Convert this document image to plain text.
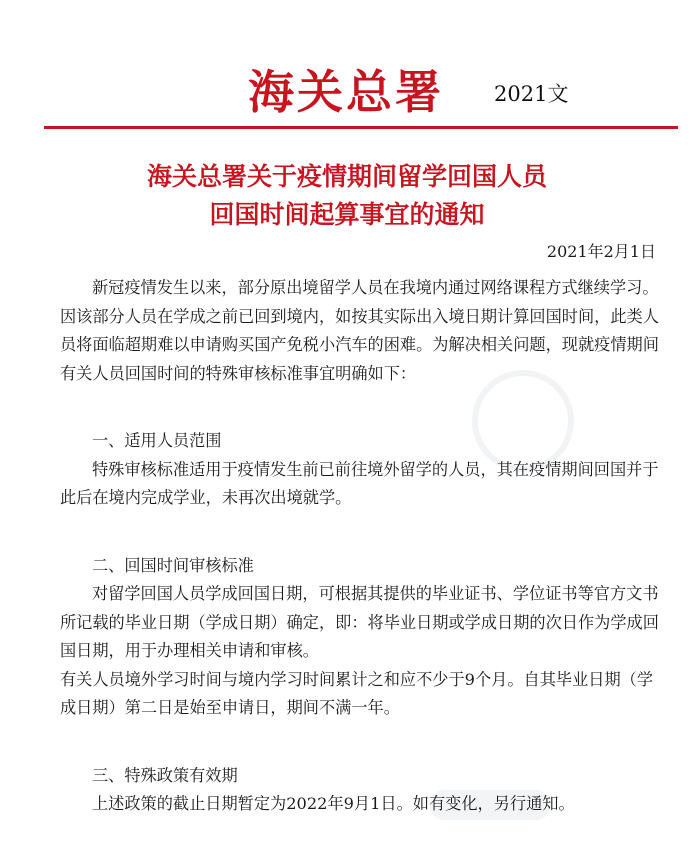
海关总署 2021文
海关总署关于疫情期间留学回国人员
回国时间起算事宜的通知
2021年2月1日

新冠疫情发生以来，部分原出境留学人员在我境内通过网络课程方式继续学习。因该部分人员在学成之前已回到境内，如按其实际出入境日期计算回国时间，此类人员将面临超期难以申请购买国产免税小汽车的困难。为解决相关问题，现就疫情期间有关人员回国时间的特殊审核标准事宜明确如下：

一、适用人员范围

特殊审核标准适用于疫情发生前已前往境外留学的人员，其在疫情期间回国并于此后在境内完成学业，未再次出境就学。

二、回国时间审核标准

对留学回国人员学成回国日期，可根据其提供的毕业证书、学位证书等官方文书所记载的毕业日期（学成日期）确定，即：将毕业日期或学成日期的次日作为学成回国日期，用于办理相关申请和审核。

有关人员境外学习时间与境内学习时间累计之和应不少于9个月。自其毕业日期（学成日期）第二日是始至申请日，期间不满一年。

三、特殊政策有效期

上述政策的截止日期暂定为2022年9月1日。如有变化，另行通知。
